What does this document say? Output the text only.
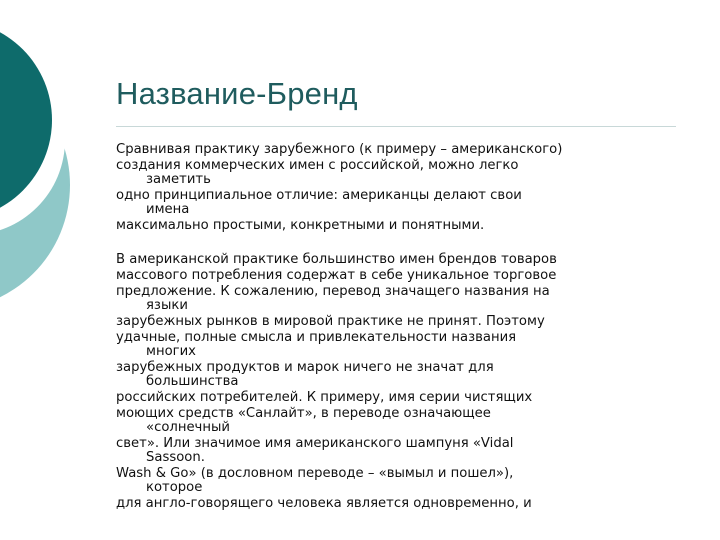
Название-Бренд

Сравнивая практику зарубежного (к примеру – американского)

создания коммерческих имен с российской, можно легко

заметить

одно принципиальное отличие: американцы делают свои

имена

максимально простыми, конкретными и понятными.

В американской практике большинство имен брендов товаров

массового потребления содержат в себе уникальное торговое

предложение. К сожалению, перевод значащего названия на

языки

зарубежных рынков в мировой практике не принят. Поэтому

удачные, полные смысла и привлекательности названия

многих

зарубежных продуктов и марок ничего не значат для

большинства

российских потребителей. К примеру, имя серии чистящих

моющих средств «Санлайт», в переводе означающее

«солнечный

свет». Или значимое имя американского шампуня «Vidal

Sassoon.

Wash & Go» (в дословном переводе – «вымыл и пошел»),

которое

для англо-говорящего человека является одновременно, и
